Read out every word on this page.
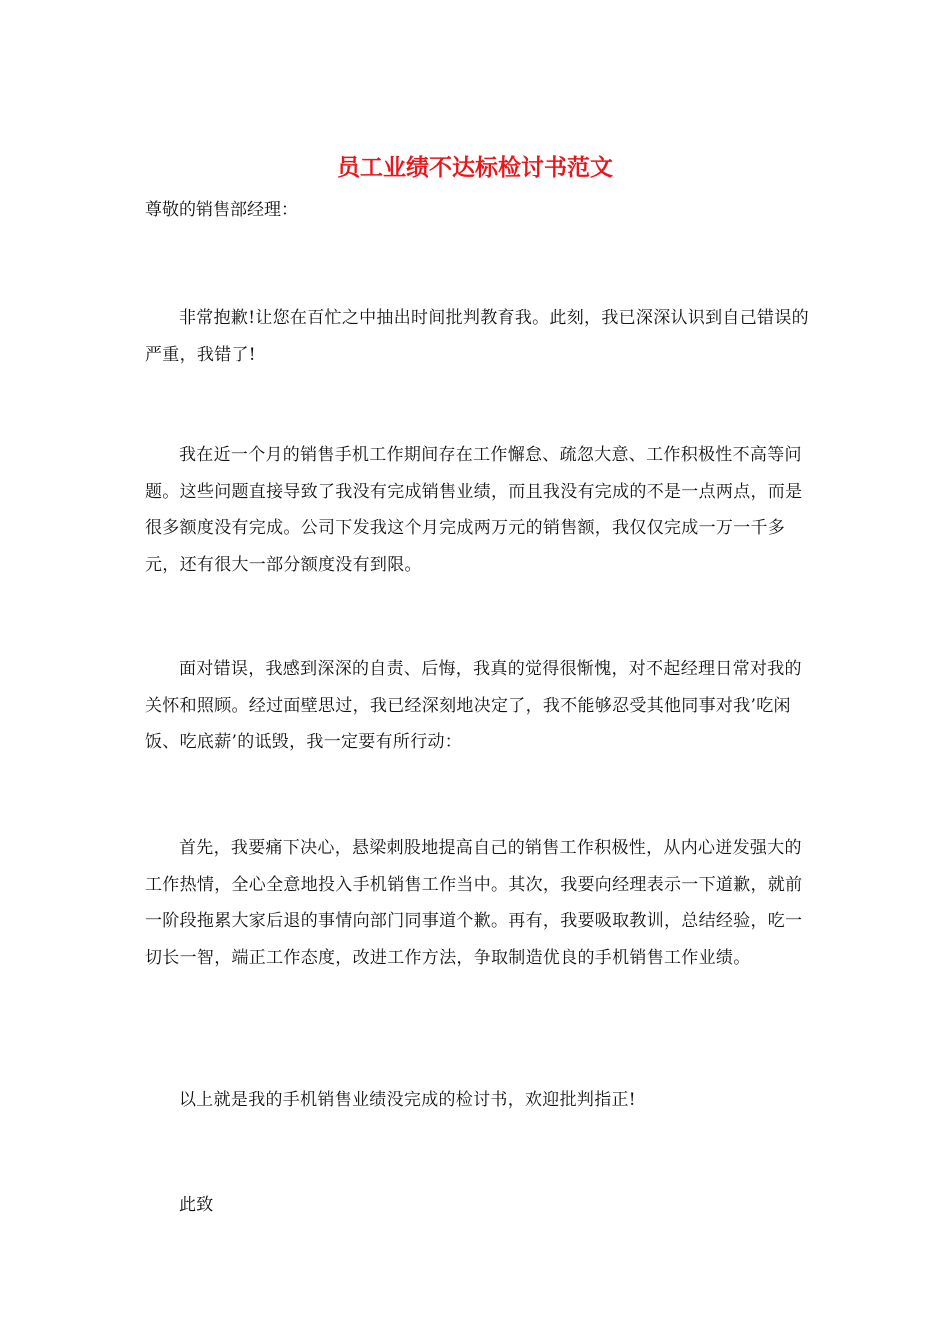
员工业绩不达标检讨书范文

尊敬的销售部经理：

非常抱歉!让您在百忙之中抽出时间批判教育我。此刻，我已深深认识到自己错误的严重，我错了!

我在近一个月的销售手机工作期间存在工作懈怠、疏忽大意、工作积极性不高等问题。这些问题直接导致了我没有完成销售业绩，而且我没有完成的不是一点两点，而是很多额度没有完成。公司下发我这个月完成两万元的销售额，我仅仅完成一万一千多元，还有很大一部分额度没有到限。

面对错误，我感到深深的自责、后悔，我真的觉得很惭愧，对不起经理日常对我的关怀和照顾。经过面壁思过，我已经深刻地决定了，我不能够忍受其他同事对我’吃闲饭、吃底薪’的诋毁，我一定要有所行动：

首先，我要痛下决心，悬梁刺股地提高自己的销售工作积极性，从内心迸发强大的工作热情，全心全意地投入手机销售工作当中。其次，我要向经理表示一下道歉，就前一阶段拖累大家后退的事情向部门同事道个歉。再有，我要吸取教训，总结经验，吃一切长一智，端正工作态度，改进工作方法，争取制造优良的手机销售工作业绩。

以上就是我的手机销售业绩没完成的检讨书，欢迎批判指正!

此致
